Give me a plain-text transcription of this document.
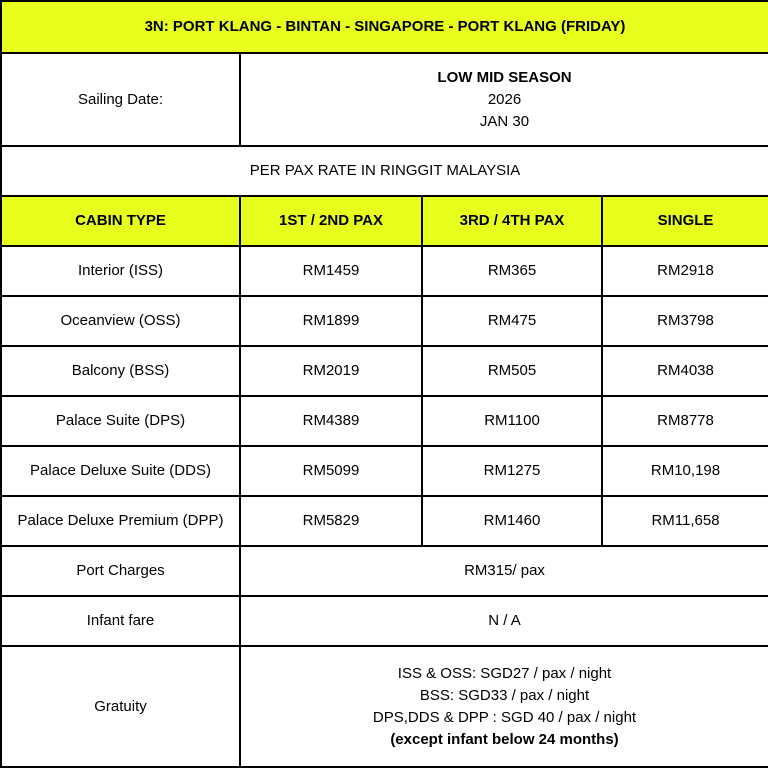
3N: PORT KLANG - BINTAN - SINGAPORE - PORT KLANG (FRIDAY)			
Sailing Date:	LOW MID SEASON
2026
JAN 30		

PER PAX RATE IN RINGGIT MALAYSIA			
CABIN TYPE	1ST / 2ND PAX	3RD / 4TH PAX	SINGLE
Interior (ISS)	RM1459	RM365	RM2918
Oceanview (OSS)	RM1899	RM475	RM3798
Balcony (BSS)	RM2019	RM505	RM4038
Palace Suite (DPS)	RM4389	RM1100	RM8778
Palace Deluxe Suite (DDS)	RM5099	RM1275	RM10,198
Palace Deluxe Premium (DPP)	RM5829	RM1460	RM11,658
Port Charges	RM315/ pax		
Infant fare	N / A		
Gratuity	ISS & OSS: SGD27 / pax / night
BSS: SGD33 / pax / night
DPS,DDS & DPP : SGD 40 / pax / night
(except infant below 24 months)		
